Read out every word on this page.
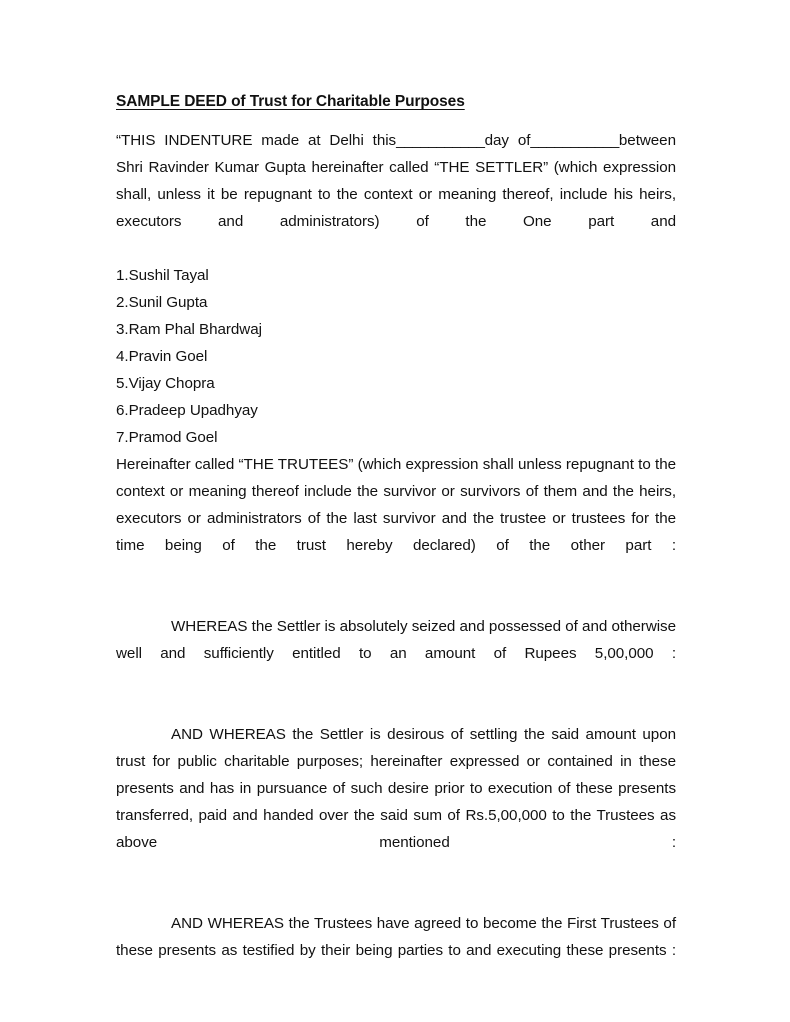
SAMPLE DEED of Trust for Charitable Purposes

“THIS INDENTURE made at Delhi this___________day of___________between Shri Ravinder Kumar Gupta hereinafter called “THE SETTLER” (which expression shall, unless it be repugnant to the context or meaning thereof, include his heirs, executors and administrators) of the One part and

1.Sushil Tayal

2.Sunil Gupta

3.Ram Phal Bhardwaj

4.Pravin Goel

5.Vijay Chopra

6.Pradeep Upadhyay

7.Pramod Goel

Hereinafter called “THE TRUTEES” (which expression shall unless repugnant to the context or meaning thereof include the survivor or survivors of them and the heirs, executors or administrators of the last survivor and the trustee or trustees for the time being of the trust hereby declared) of the other part :

WHEREAS the Settler is absolutely seized and possessed of and otherwise well and sufficiently entitled to an amount of Rupees 5,00,000 :

AND WHEREAS the Settler is desirous of settling the said amount upon trust for public charitable purposes; hereinafter expressed or contained in these presents and has in pursuance of such desire prior to execution of these presents transferred, paid and handed over the said sum of Rs.5,00,000 to the Trustees as above mentioned :

AND WHEREAS the Trustees have agreed to become the First Trustees of these presents as testified by their being parties to and executing these presents :
